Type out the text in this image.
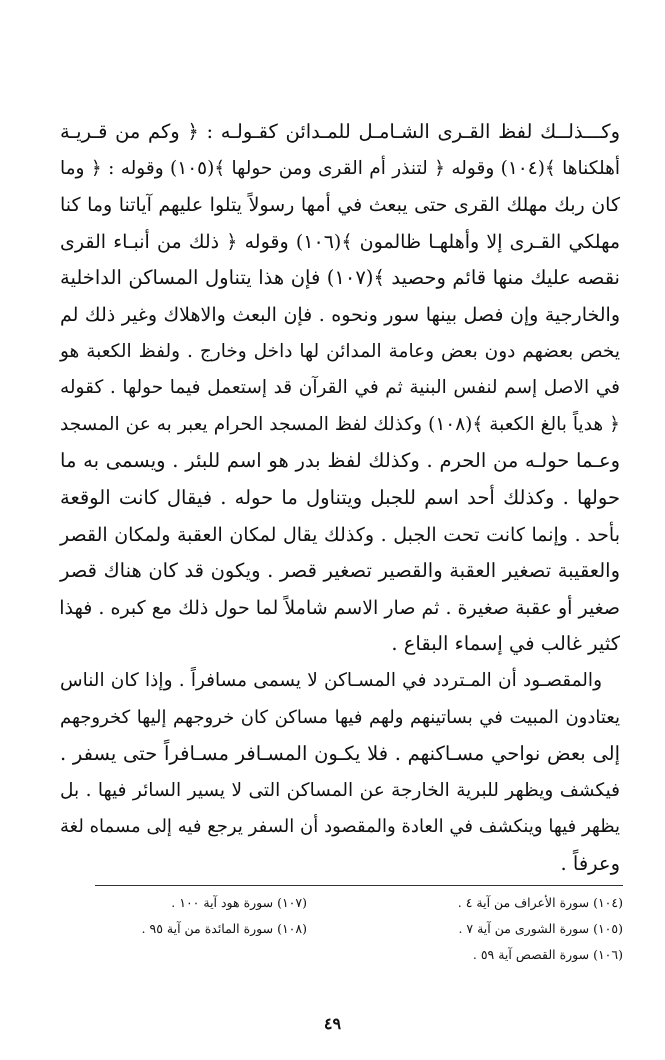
وكـــذلــك لفظ القـرى الشـامـل للمـدائن كقـولـه : ﴿ وكم من قـريـة
أهلكناها ﴾(١٠٤) وقوله ﴿ لتنذر أم القرى ومن حولها ﴾(١٠٥) وقوله : ﴿ وما
كان ربك مهلك القرى حتى يبعث في أمها رسولاً يتلوا عليهم آياتنا وما كنا
مهلكي القـرى إلا وأهلهـا ظالمون ﴾(١٠٦) وقوله ﴿ ذلك من أنبـاء القرى
نقصه عليك منها قائم وحصيد ﴾(١٠٧) فإن هذا يتناول المساكن الداخلية
والخارجية وإن فصل بينها سور ونحوه . فإن البعث والاهلاك وغير ذلك لم
يخص بعضهم دون بعض وعامة المدائن لها داخل وخارج . ولفظ الكعبة هو
في الاصل إسم لنفس البنية ثم في القرآن قد إستعمل فيما حولها . كقوله
﴿ هدياً بالغ الكعبة ﴾(١٠٨) وكذلك لفظ المسجد الحرام يعبر به عن المسجد
وعـما حولـه من الحرم . وكذلك لفظ بدر هو اسم للبئر . ويسمى به ما
حولها . وكذلك أحد اسم للجبل ويتناول ما حوله . فيقال كانت الوقعة
بأحد . وإنما كانت تحت الجبل . وكذلك يقال لمكان العقبة ولمكان القصر
والعقيبة تصغير العقبة والقصير تصغير قصر . ويكون قد كان هناك قصر
صغير أو عقبة صغيرة . ثم صار الاسم شاملاً لما حول ذلك مع كبره . فهذا
كثير غالب في إسماء البقاع .
والمقصـود أن المـتردد في المسـاكن لا يسمى مسافراً . وإذا كان الناس
يعتادون المبيت في بساتينهم ولهم فيها مساكن كان خروجهم إليها كخروجهم
إلى بعض نواحي مسـاكنهم . فلا يكـون المسـافر مسـافراً حتى يسفر .
فيكشف ويظهر للبرية الخارجة عن المساكن التى لا يسير السائر فيها . بل
يظهر فيها وينكشف في العادة والمقصود أن السفر يرجع فيه إلى مسماه لغة
وعرفاً .
(١٠٤) سورة الأعراف من آية ٤ .
(١٠٥) سورة الشورى من آية ٧ .
(١٠٦) سورة القصص آية ٥٩ .
(١٠٧) سورة هود آية ١٠٠ .
(١٠٨) سورة المائدة من آية ٩٥ .
٤٩
